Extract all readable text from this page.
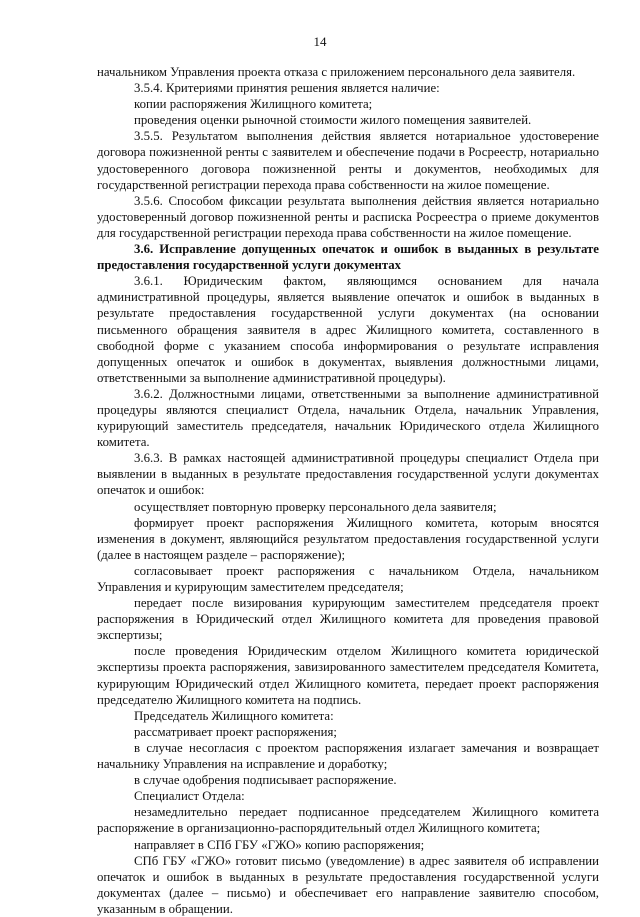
14

начальником Управления проекта отказа с приложением персонального дела заявителя.

3.5.4. Критериями принятия решения является наличие:

копии распоряжения Жилищного комитета;

проведения оценки рыночной стоимости жилого помещения заявителей.

3.5.5. Результатом выполнения действия является нотариальное удостоверение договора пожизненной ренты с заявителем и обеспечение подачи в Росреестр, нотариально удостоверенного договора пожизненной ренты и документов, необходимых для государственной регистрации перехода права собственности на жилое помещение.

3.5.6. Способом фиксации результата выполнения действия является нотариально удостоверенный договор пожизненной ренты и расписка Росреестра о приеме документов для государственной регистрации перехода права собственности на жилое помещение.

3.6. Исправление допущенных опечаток и ошибок в выданных в результате предоставления государственной услуги документах

3.6.1. Юридическим фактом, являющимся основанием для начала административной процедуры, является выявление опечаток и ошибок в выданных в результате предоставления государственной услуги документах (на основании письменного обращения заявителя в адрес Жилищного комитета, составленного в свободной форме с указанием способа информирования о результате исправления допущенных опечаток и ошибок в документах, выявления должностными лицами, ответственными за выполнение административной процедуры).

3.6.2. Должностными лицами, ответственными за выполнение административной процедуры являются специалист Отдела, начальник Отдела, начальник Управления, курирующий заместитель председателя, начальник Юридического отдела Жилищного комитета.

3.6.3. В рамках настоящей административной процедуры специалист Отдела при выявлении в выданных в результате предоставления государственной услуги документах опечаток и ошибок:

осуществляет повторную проверку персонального дела заявителя;

формирует проект распоряжения Жилищного комитета, которым вносятся изменения в документ, являющийся результатом предоставления государственной услуги (далее в настоящем разделе – распоряжение);

согласовывает проект распоряжения с начальником Отдела, начальником Управления и курирующим заместителем председателя;

передает после визирования курирующим заместителем председателя проект распоряжения в Юридический отдел Жилищного комитета для проведения правовой экспертизы;

после проведения Юридическим отделом Жилищного комитета юридической экспертизы проекта распоряжения, завизированного заместителем председателя Комитета, курирующим Юридический отдел Жилищного комитета, передает проект распоряжения председателю Жилищного комитета на подпись.

Председатель Жилищного комитета:

рассматривает проект распоряжения;

в случае несогласия с проектом распоряжения излагает замечания и возвращает начальнику Управления на исправление и доработку;

в случае одобрения подписывает распоряжение.

Специалист Отдела:

незамедлительно передает подписанное председателем Жилищного комитета распоряжение в организационно-распорядительный отдел Жилищного комитета;

направляет в СПб ГБУ «ГЖО» копию распоряжения;

СПб ГБУ «ГЖО» готовит письмо (уведомление) в адрес заявителя об исправлении опечаток и ошибок в выданных в результате предоставления государственной услуги документах (далее – письмо) и обеспечивает его направление заявителю способом, указанным в обращении.
